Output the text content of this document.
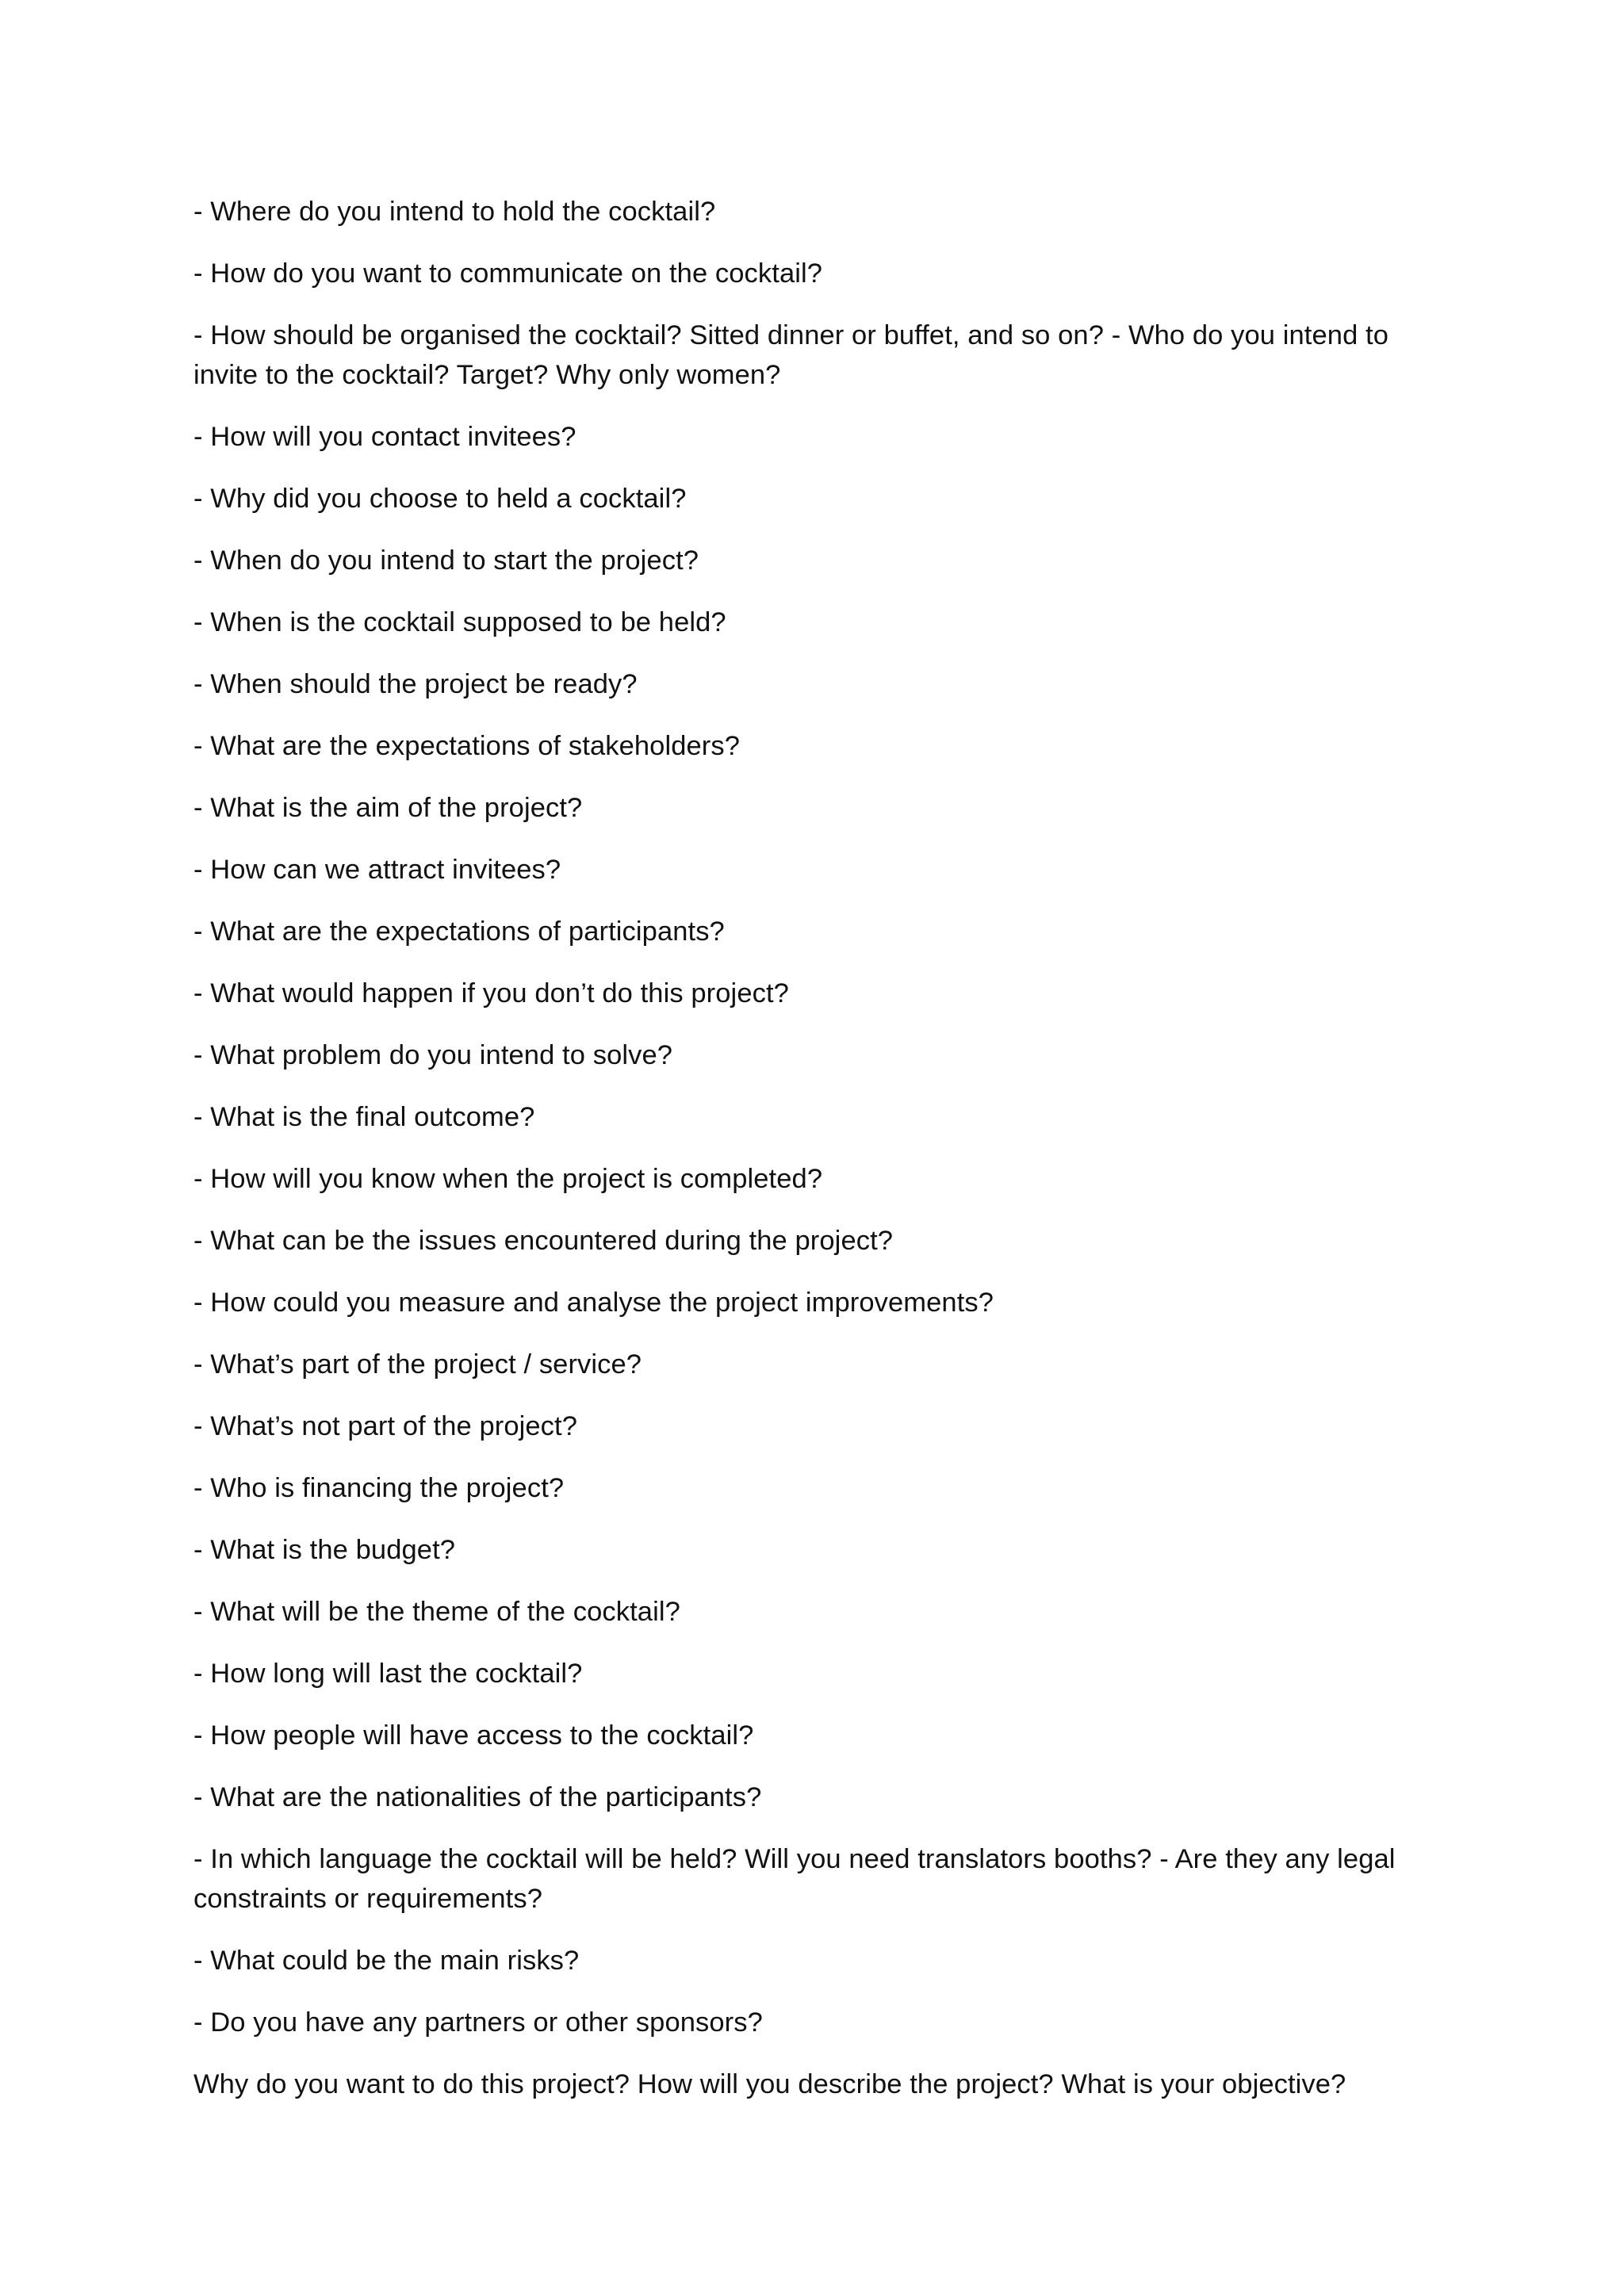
- Where do you intend to hold the cocktail?

- How do you want to communicate on the cocktail?

- How should be organised the cocktail? Sitted dinner or buffet, and so on? - Who do you intend to invite to the cocktail? Target? Why only women?

- How will you contact invitees?

- Why did you choose to held a cocktail?

- When do you intend to start the project?

- When is the cocktail supposed to be held?

- When should the project be ready?

- What are the expectations of stakeholders?

- What is the aim of the project?

- How can we attract invitees?

- What are the expectations of participants?

- What would happen if you don’t do this project?

- What problem do you intend to solve?

- What is the final outcome?

- How will you know when the project is completed?

- What can be the issues encountered during the project?

- How could you measure and analyse the project improvements?

- What’s part of the project / service?

- What’s not part of the project?

- Who is financing the project?

- What is the budget?

- What will be the theme of the cocktail?

- How long will last the cocktail?

- How people will have access to the cocktail?

- What are the nationalities of the participants?

- In which language the cocktail will be held? Will you need translators booths? - Are they any legal constraints or requirements?

- What could be the main risks?

- Do you have any partners or other sponsors?

Why do you want to do this project? How will you describe the project? What is your objective?
